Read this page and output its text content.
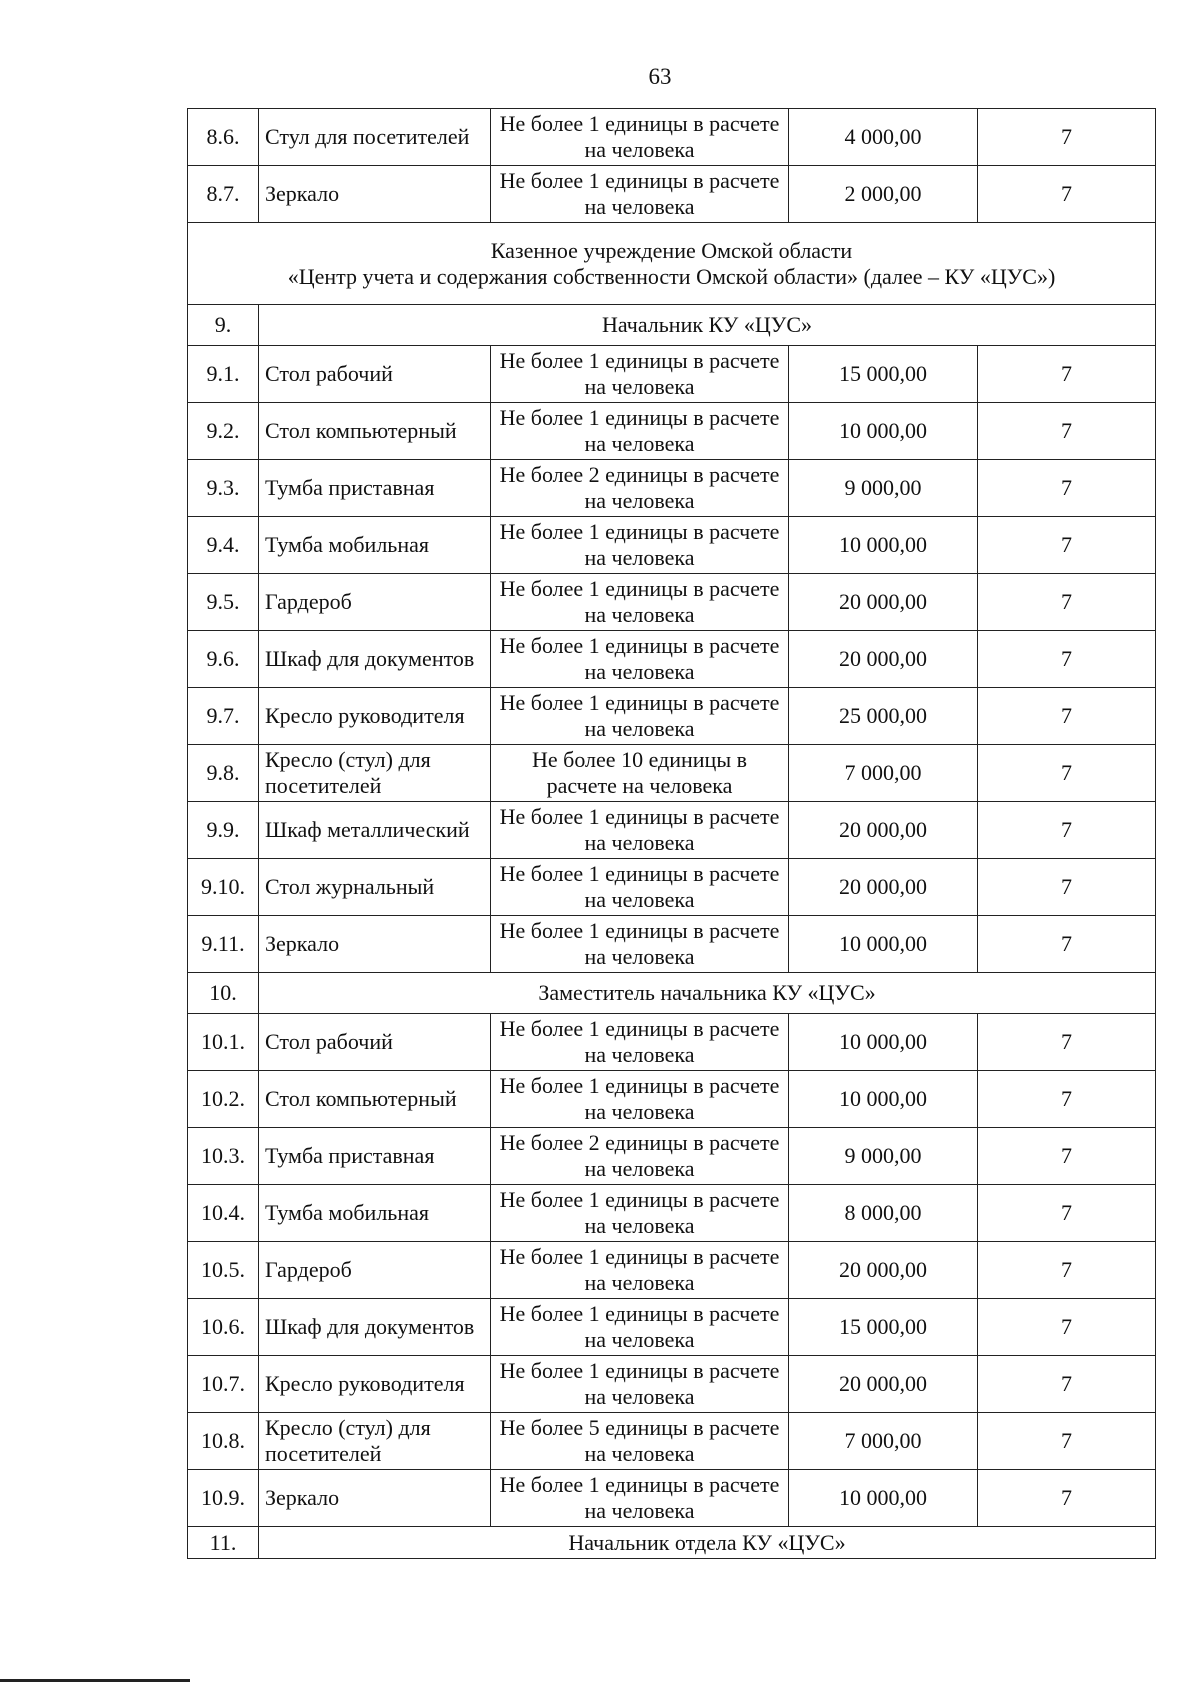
63
8.6.	Стул для посетителей	Не более 1 единицы в расчете на человека	4 000,00	7
8.7.	Зеркало	Не более 1 единицы в расчете на человека	2 000,00	7

Казенное учреждение Омской области
«Центр учета и содержания собственности Омской области» (далее – КУ «ЦУС»)				

9.	Начальник КУ «ЦУС»			
9.1.	Стол рабочий	Не более 1 единицы в расчете на человека	15 000,00	7
9.2.	Стол компьютерный	Не более 1 единицы в расчете на человека	10 000,00	7
9.3.	Тумба приставная	Не более 2 единицы в расчете на человека	9 000,00	7
9.4.	Тумба мобильная	Не более 1 единицы в расчете на человека	10 000,00	7
9.5.	Гардероб	Не более 1 единицы в расчете на человека	20 000,00	7
9.6.	Шкаф для документов	Не более 1 единицы в расчете на человека	20 000,00	7
9.7.	Кресло руководителя	Не более 1 единицы в расчете на человека	25 000,00	7
9.8.	Кресло (стул) для посетителей	Не более 10 единицы в расчете на человека	7 000,00	7
9.9.	Шкаф металлический	Не более 1 единицы в расчете на человека	20 000,00	7
9.10.	Стол журнальный	Не более 1 единицы в расчете на человека	20 000,00	7
9.11.	Зеркало	Не более 1 единицы в расчете на человека	10 000,00	7
10.	Заместитель начальника КУ «ЦУС»			
10.1.	Стол рабочий	Не более 1 единицы в расчете на человека	10 000,00	7
10.2.	Стол компьютерный	Не более 1 единицы в расчете на человека	10 000,00	7
10.3.	Тумба приставная	Не более 2 единицы в расчете на человека	9 000,00	7
10.4.	Тумба мобильная	Не более 1 единицы в расчете на человека	8 000,00	7
10.5.	Гардероб	Не более 1 единицы в расчете на человека	20 000,00	7
10.6.	Шкаф для документов	Не более 1 единицы в расчете на человека	15 000,00	7
10.7.	Кресло руководителя	Не более 1 единицы в расчете на человека	20 000,00	7
10.8.	Кресло (стул) для посетителей	Не более 5 единицы в расчете на человека	7 000,00	7
10.9.	Зеркало	Не более 1 единицы в расчете на человека	10 000,00	7
11.	Начальник отдела КУ «ЦУС»			
